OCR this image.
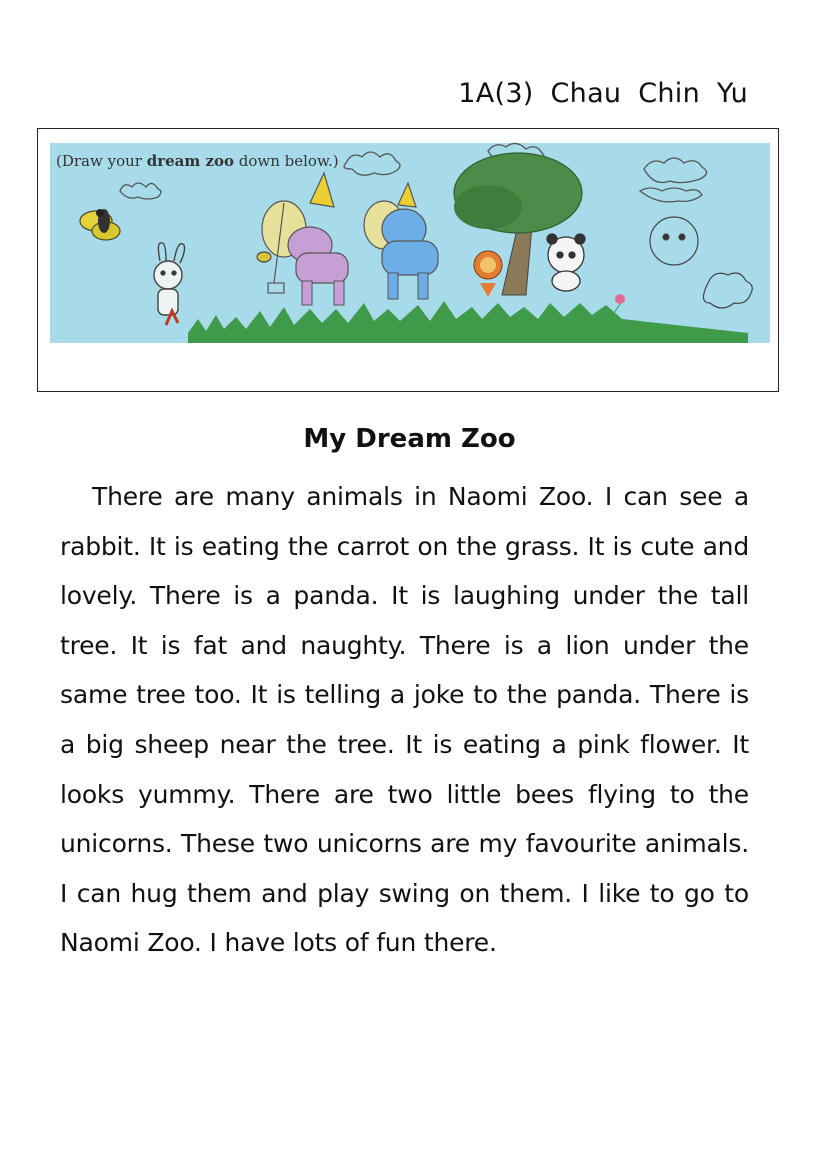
1A(3) Chau Chin Yu
(Draw your dream zoo down below.)
My Dream Zoo

There are many animals in Naomi Zoo. I can see a rabbit. It is eating the carrot on the grass. It is cute and lovely. There is a panda. It is laughing under the tall tree. It is fat and naughty. There is a lion under the same tree too. It is telling a joke to the panda. There is a big sheep near the tree. It is eating a pink flower. It looks yummy. There are two little bees flying to the unicorns. These two unicorns are my favourite animals. I can hug them and play swing on them. I like to go to Naomi Zoo. I have lots of fun there.
